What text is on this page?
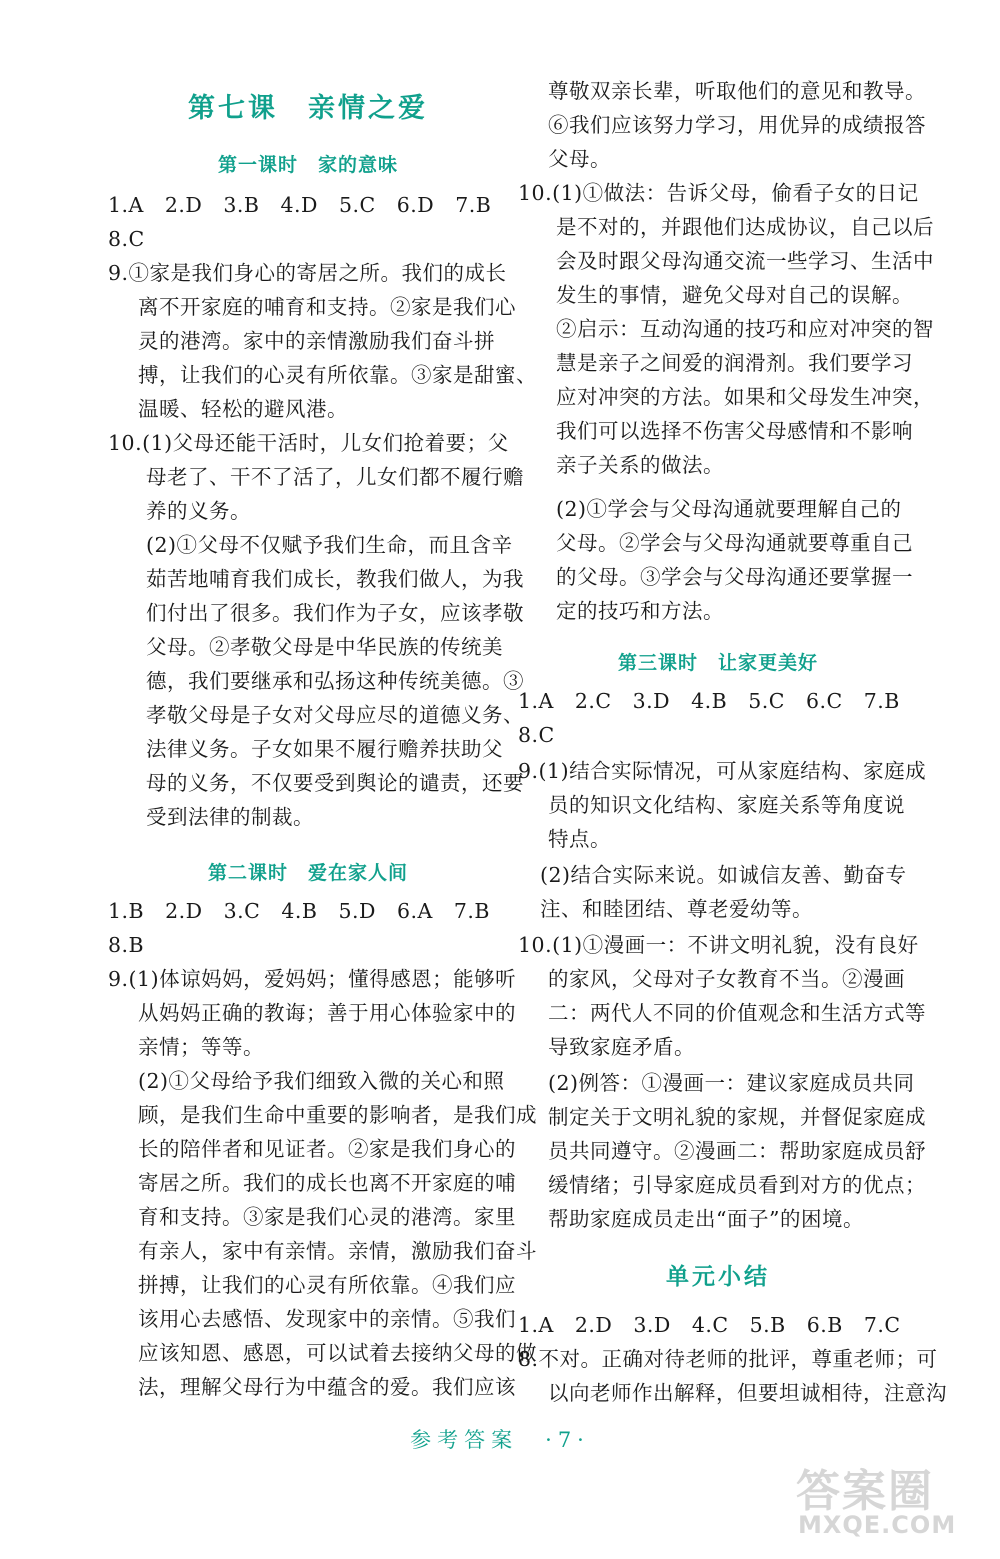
第七课　亲情之爱
第一课时　家的意味
1.A　2.D　3.B　4.D　5.C　6.D　7.B
8.C
9.①家是我们身心的寄居之所。我们的成长
离不开家庭的哺育和支持。②家是我们心
灵的港湾。家中的亲情激励我们奋斗拼
搏，让我们的心灵有所依靠。③家是甜蜜、
温暖、轻松的避风港。
10.(1)父母还能干活时，儿女们抢着要；父
母老了、干不了活了，儿女们都不履行赡
养的义务。
(2)①父母不仅赋予我们生命，而且含辛
茹苦地哺育我们成长，教我们做人，为我
们付出了很多。我们作为子女，应该孝敬
父母。②孝敬父母是中华民族的传统美
德，我们要继承和弘扬这种传统美德。③
孝敬父母是子女对父母应尽的道德义务、
法律义务。子女如果不履行赡养扶助父
母的义务，不仅要受到舆论的谴责，还要
受到法律的制裁。
第二课时　爱在家人间
1.B　2.D　3.C　4.B　5.D　6.A　7.B
8.B
9.(1)体谅妈妈，爱妈妈；懂得感恩；能够听
从妈妈正确的教诲；善于用心体验家中的
亲情；等等。
(2)①父母给予我们细致入微的关心和照
顾，是我们生命中重要的影响者，是我们成
长的陪伴者和见证者。②家是我们身心的
寄居之所。我们的成长也离不开家庭的哺
育和支持。③家是我们心灵的港湾。家里
有亲人，家中有亲情。亲情，激励我们奋斗
拼搏，让我们的心灵有所依靠。④我们应
该用心去感悟、发现家中的亲情。⑤我们
应该知恩、感恩，可以试着去接纳父母的做
法，理解父母行为中蕴含的爱。我们应该
尊敬双亲长辈，听取他们的意见和教导。
⑥我们应该努力学习，用优异的成绩报答
父母。
10.(1)①做法：告诉父母，偷看子女的日记
是不对的，并跟他们达成协议，自己以后
会及时跟父母沟通交流一些学习、生活中
发生的事情，避免父母对自己的误解。
②启示：互动沟通的技巧和应对冲突的智
慧是亲子之间爱的润滑剂。我们要学习
应对冲突的方法。如果和父母发生冲突，
我们可以选择不伤害父母感情和不影响
亲子关系的做法。
(2)①学会与父母沟通就要理解自己的
父母。②学会与父母沟通就要尊重自己
的父母。③学会与父母沟通还要掌握一
定的技巧和方法。
第三课时　让家更美好
1.A　2.C　3.D　4.B　5.C　6.C　7.B
8.C
9.(1)结合实际情况，可从家庭结构、家庭成
员的知识文化结构、家庭关系等角度说
特点。
(2)结合实际来说。如诚信友善、勤奋专
注、和睦团结、尊老爱幼等。
10.(1)①漫画一：不讲文明礼貌，没有良好
的家风，父母对子女教育不当。②漫画
二：两代人不同的价值观念和生活方式等
导致家庭矛盾。
(2)例答：①漫画一：建议家庭成员共同
制定关于文明礼貌的家规，并督促家庭成
员共同遵守。②漫画二：帮助家庭成员舒
缓情绪；引导家庭成员看到对方的优点；
帮助家庭成员走出“面子”的困境。
单元小结
1.A　2.D　3.D　4.C　5.B　6.B　7.C
8.不对。正确对待老师的批评，尊重老师；可
以向老师作出解释，但要坦诚相待，注意沟
参考答案　·7·
答案圈
MXQE.COM
